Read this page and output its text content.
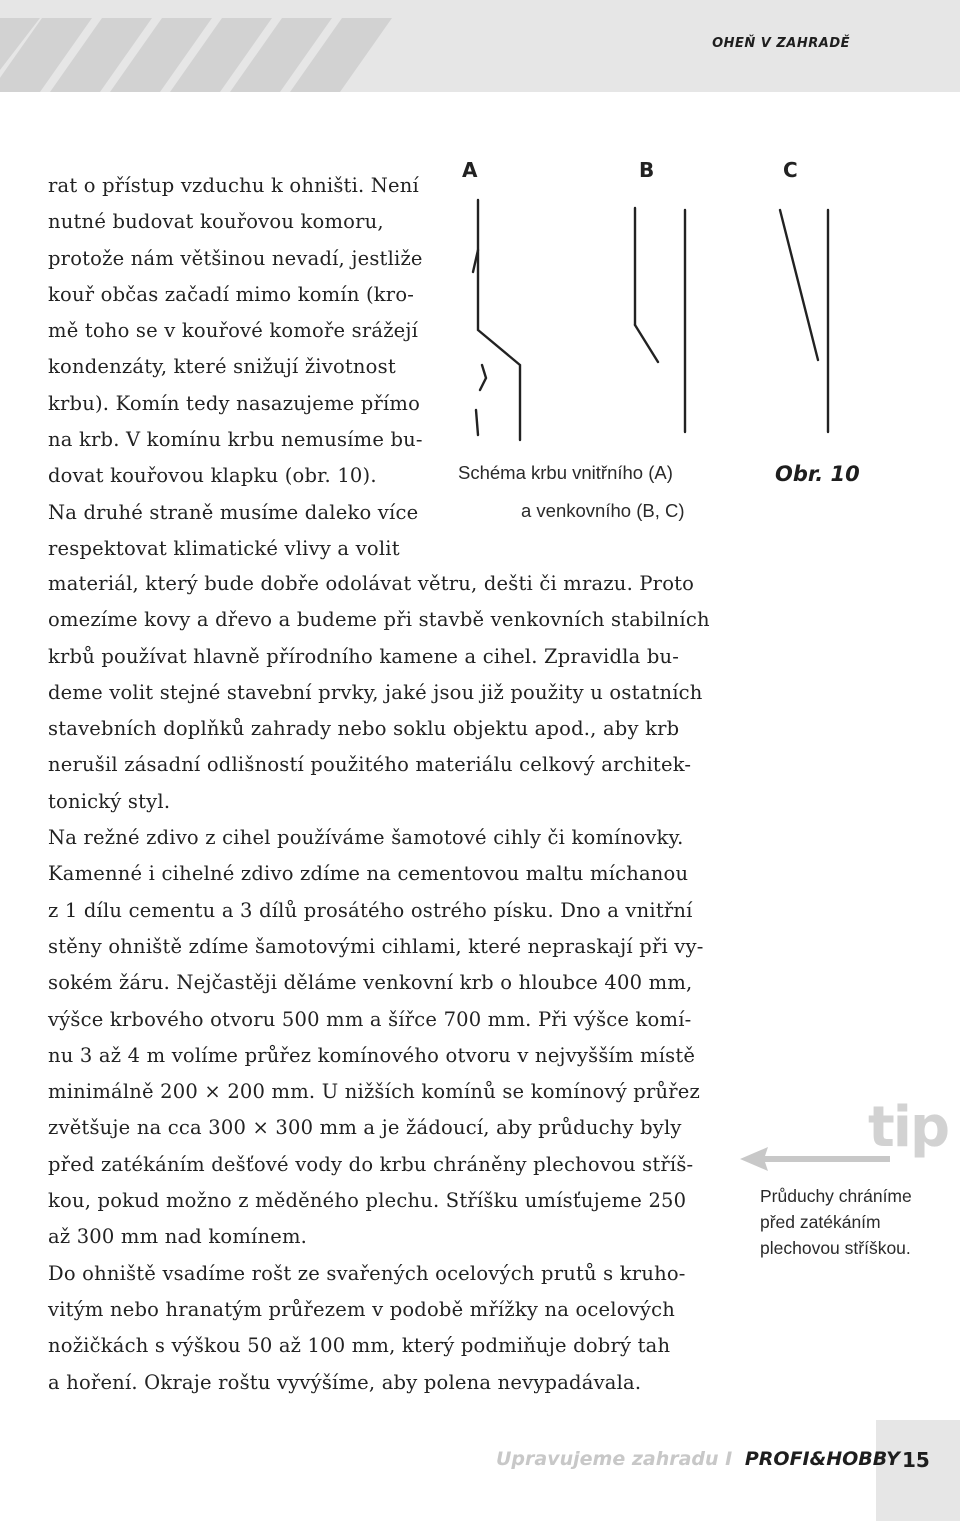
OHEŇ V ZAHRADĚ
rat o přístup vzduchu k ohništi. Není
nutné budovat kouřovou komoru,
protože nám většinou nevadí, jestliže
kouř občas začadí mimo komín (kro-
mě toho se v kouřové komoře srážejí
kondenzáty, které snižují životnost
krbu). Komín tedy nasazujeme přímo
na krb. V komínu krbu nemusíme bu-
dovat kouřovou klapku (obr. 10).
Na druhé straně musíme daleko více
respektovat klimatické vlivy a volit
A	B	C
Schéma krbu vnitřního (A)
a venkovního (B, C)
Obr. 10
materiál, který bude dobře odolávat větru, dešti či mrazu. Proto
omezíme kovy a dřevo a budeme při stavbě venkovních stabilních
krbů používat hlavně přírodního kamene a cihel. Zpravidla bu-
deme volit stejné stavební prvky, jaké jsou již použity u ostatních
stavebních doplňků zahrady nebo soklu objektu apod., aby krb
nerušil zásadní odlišností použitého materiálu celkový architek-
tonický styl.
Na režné zdivo z cihel používáme šamotové cihly či komínovky.
Kamenné i cihelné zdivo zdíme na cementovou maltu míchanou
z 1 dílu cementu a 3 dílů prosátého ostrého písku. Dno a vnitřní
stěny ohniště zdíme šamotovými cihlami, které nepraskají při vy-
sokém žáru. Nejčastěji děláme venkovní krb o hloubce 400 mm,
výšce krbového otvoru 500 mm a šířce 700 mm. Při výšce komí-
nu 3 až 4 m volíme průřez komínového otvoru v nejvyšším místě
minimálně 200 × 200 mm. U nižších komínů se komínový průřez
zvětšuje na cca 300 × 300 mm a je žádoucí, aby průduchy byly
před zatékáním dešťové vody do krbu chráněny plechovou stříš-
kou, pokud možno z měděného plechu. Stříšku umísťujeme 250
až 300 mm nad komínem.
Do ohniště vsadíme rošt ze svařených ocelových prutů s kruho-
vitým nebo hranatým průřezem v podobě mřížky na ocelových
nožičkách s výškou 50 až 100 mm, který podmiňuje dobrý tah
a hoření. Okraje roštu vyvýšíme, aby polena nevypadávala.
tip
Průduchy chráníme
před zatékáním
plechovou stříškou.
Upravujeme zahradu I PROFI&HOBBY 15
